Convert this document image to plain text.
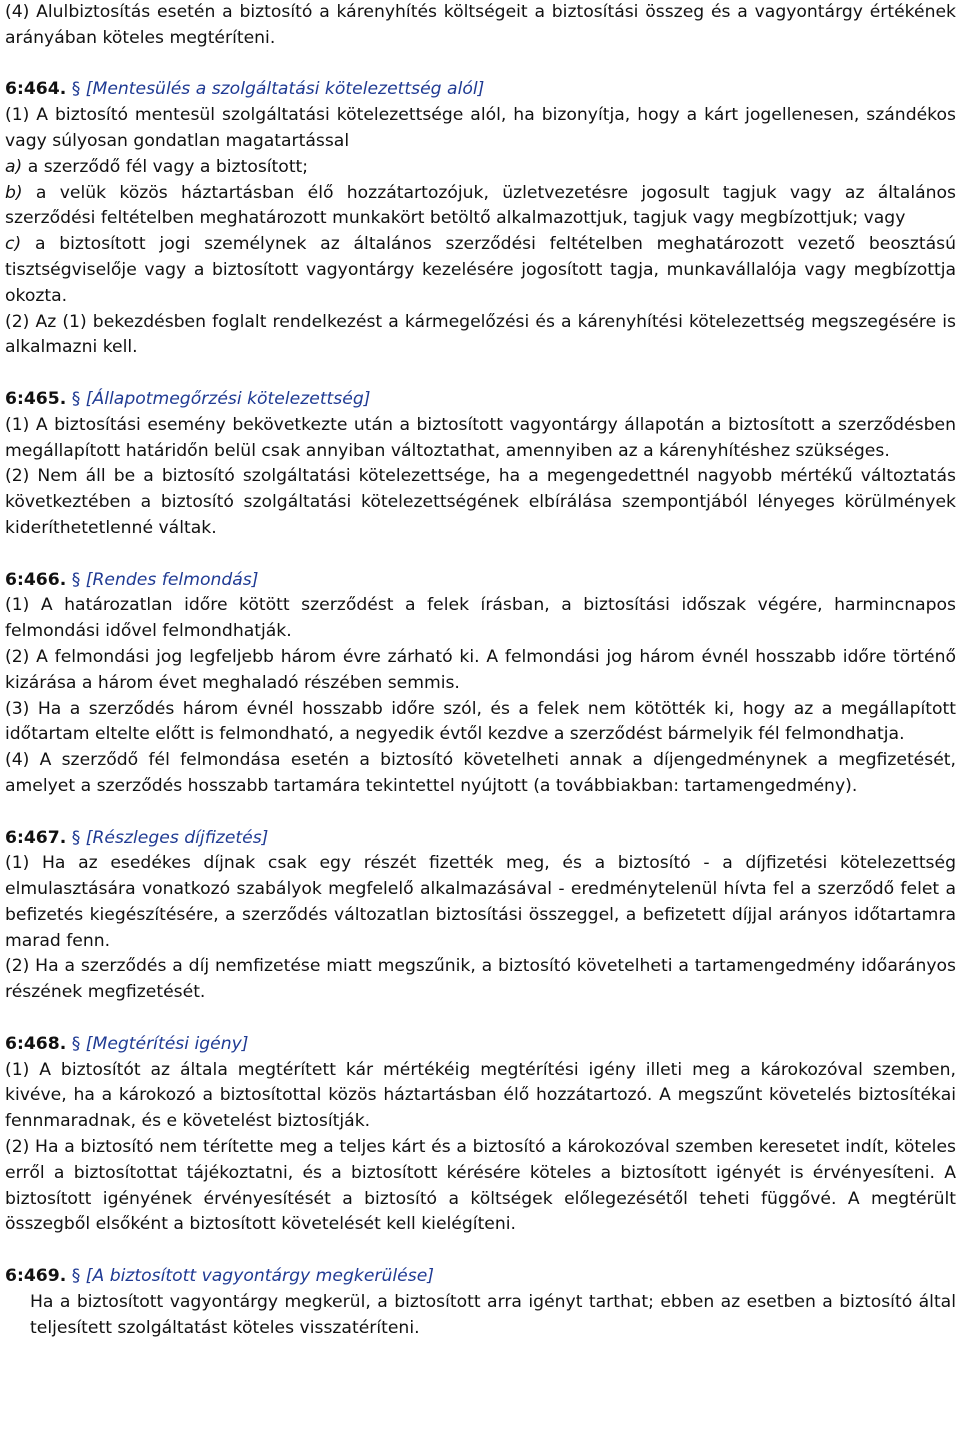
(4) Alulbiztosítás esetén a biztosító a kárenyhítés költségeit a biztosítási összeg és a vagyontárgy értékének arányában köteles megtéríteni.

6:464. § [Mentesülés a szolgáltatási kötelezettség alól]

(1) A biztosító mentesül szolgáltatási kötelezettsége alól, ha bizonyítja, hogy a kárt jogellenesen, szándékos vagy súlyosan gondatlan magatartással

a) a szerződő fél vagy a biztosított;

b) a velük közös háztartásban élő hozzátartozójuk, üzletvezetésre jogosult tagjuk vagy az általános szerződési feltételben meghatározott munkakört betöltő alkalmazottjuk, tagjuk vagy megbízottjuk; vagy

c) a biztosított jogi személynek az általános szerződési feltételben meghatározott vezető beosztású tisztségviselője vagy a biztosított vagyontárgy kezelésére jogosított tagja, munkavállalója vagy megbízottja okozta.

(2) Az (1) bekezdésben foglalt rendelkezést a kármegelőzési és a kárenyhítési kötelezettség megszegésére is alkalmazni kell.

6:465. § [Állapotmegőrzési kötelezettség]

(1) A biztosítási esemény bekövetkezte után a biztosított vagyontárgy állapotán a biztosított a szerződésben megállapított határidőn belül csak annyiban változtathat, amennyiben az a kárenyhítéshez szükséges.

(2) Nem áll be a biztosító szolgáltatási kötelezettsége, ha a megengedettnél nagyobb mértékű változtatás következtében a biztosító szolgáltatási kötelezettségének elbírálása szempontjából lényeges körülmények kideríthetetlenné váltak.

6:466. § [Rendes felmondás]

(1) A határozatlan időre kötött szerződést a felek írásban, a biztosítási időszak végére, harmincnapos felmondási idővel felmondhatják.

(2) A felmondási jog legfeljebb három évre zárható ki. A felmondási jog három évnél hosszabb időre történő kizárása a három évet meghaladó részében semmis.

(3) Ha a szerződés három évnél hosszabb időre szól, és a felek nem kötötték ki, hogy az a megállapított időtartam eltelte előtt is felmondható, a negyedik évtől kezdve a szerződést bármelyik fél felmondhatja.

(4) A szerződő fél felmondása esetén a biztosító követelheti annak a díjengedménynek a megfizetését, amelyet a szerződés hosszabb tartamára tekintettel nyújtott (a továbbiakban: tartamengedmény).

6:467. § [Részleges díjfizetés]

(1) Ha az esedékes díjnak csak egy részét fizették meg, és a biztosító - a díjfizetési kötelezettség elmulasztására vonatkozó szabályok megfelelő alkalmazásával - eredménytelenül hívta fel a szerződő felet a befizetés kiegészítésére, a szerződés változatlan biztosítási összeggel, a befizetett díjjal arányos időtartamra marad fenn.

(2) Ha a szerződés a díj nemfizetése miatt megszűnik, a biztosító követelheti a tartamengedmény időarányos részének megfizetését.

6:468. § [Megtérítési igény]

(1) A biztosítót az általa megtérített kár mértékéig megtérítési igény illeti meg a károkozóval szemben, kivéve, ha a károkozó a biztosítottal közös háztartásban élő hozzátartozó. A megszűnt követelés biztosítékai fennmaradnak, és e követelést biztosítják.

(2) Ha a biztosító nem térítette meg a teljes kárt és a biztosító a károkozóval szemben keresetet indít, köteles erről a biztosítottat tájékoztatni, és a biztosított kérésére köteles a biztosított igényét is érvényesíteni. A biztosított igényének érvényesítését a biztosító a költségek előlegezésétől teheti függővé. A megtérült összegből elsőként a biztosított követelését kell kielégíteni.

6:469. § [A biztosított vagyontárgy megkerülése]

Ha a biztosított vagyontárgy megkerül, a biztosított arra igényt tarthat; ebben az esetben a biztosító által teljesített szolgáltatást köteles visszatéríteni.
